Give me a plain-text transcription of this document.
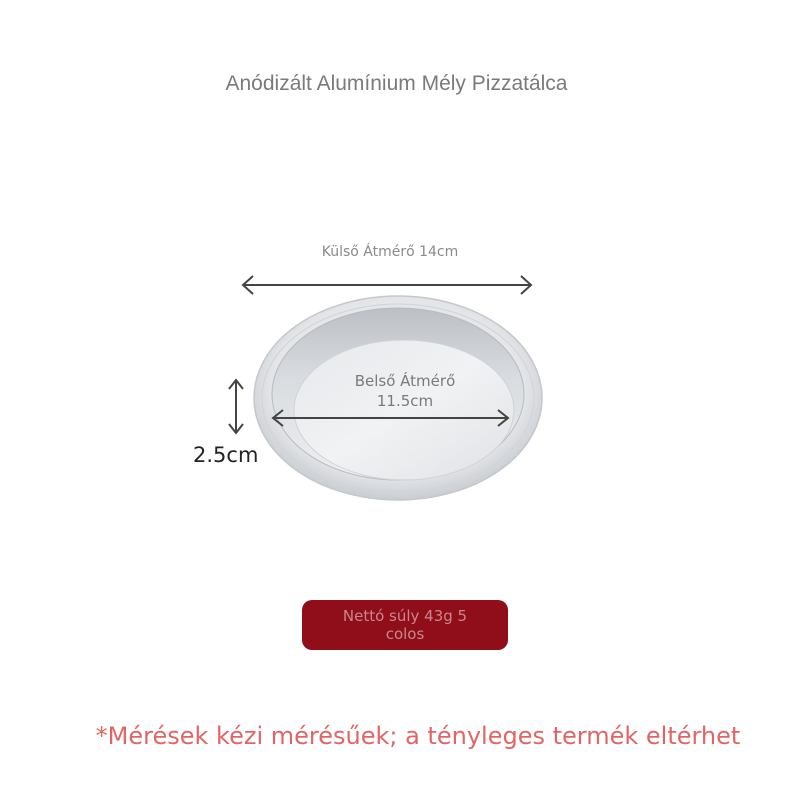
Anódizált Alumínium Mély Pizzatálca
Külső Átmérő 14cm
Belső Átmérő
11.5cm
2.5cm
Nettó súly 43g 5
colos
*Mérések kézi mérésűek; a tényleges termék eltérhet
